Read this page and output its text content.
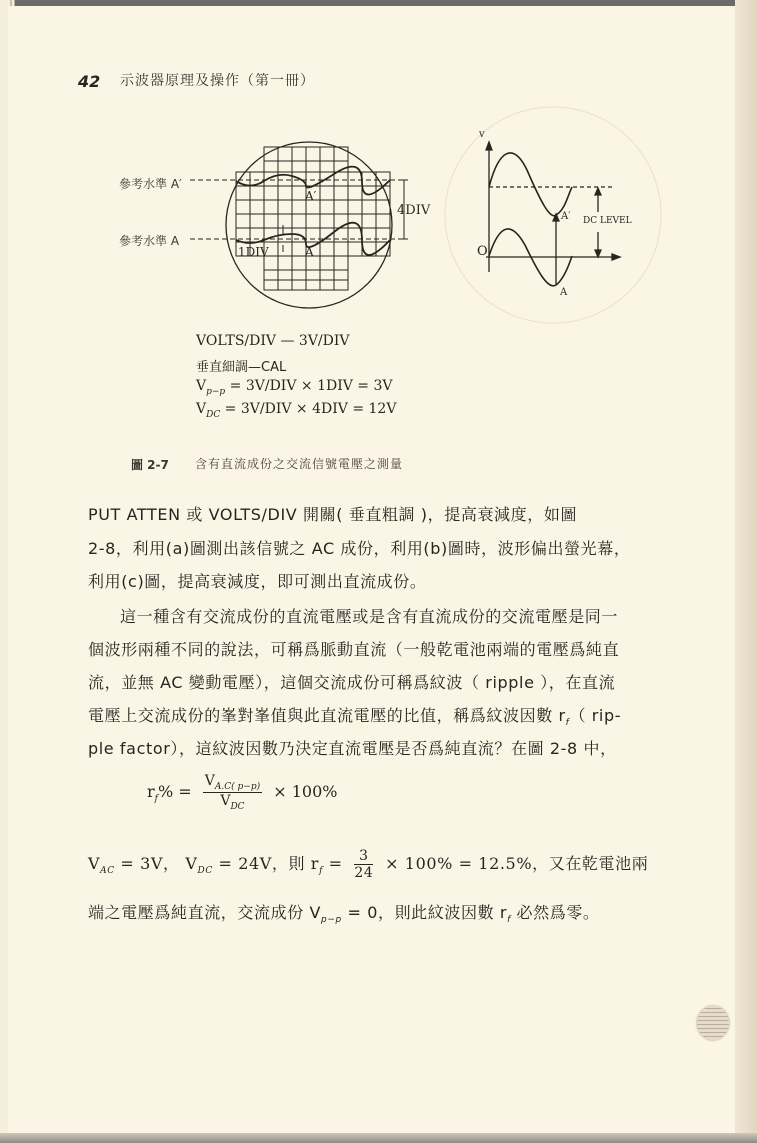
42 示波器原理及操作（第一冊）
參考水準 A′
參考水準 A
A′
A
4DIV
1DIV
v
O
A′
A
DC LEVEL
VOLTS/DIV — 3V/DIV
垂直細調—CAL
$V_{p-p} = 3V/DIV \times 1DIV = 3V$
$V_{DC} = 3V/DIV \times 4DIV = 12V$
圖 2-7 含有直流成份之交流信號電壓之測量
PUT ATTEN 或 VOLTS/DIV 開關( 垂直粗調 )，提高衰減度，如圖
2-8，利用(a)圖測出該信號之 AC 成份，利用(b)圖時，波形偏出螢光幕，
利用(c)圖，提高衰減度，即可測出直流成份。
這一種含有交流成份的直流電壓或是含有直流成份的交流電壓是同一
個波形兩種不同的說法，可稱爲脈動直流（一般乾電池兩端的電壓爲純直
流，並無 AC 變動電壓），這個交流成份可稱爲紋波（ ripple ），在直流
電壓上交流成份的峯對峯值與此直流電壓的比值，稱爲紋波因數 $r_f$（ rip-
ple factor），這紋波因數乃決定直流電壓是否爲純直流？在圖 2-8 中，
$r_f\% = \frac{V_{A.C( p-p)}}{V_{DC}} \times 100\%$
$V_{AC} = 3V$， $V_{DC} = 24V$，則 $r_f = \frac{3}{24} \times 100\% = 12.5\%$，又在乾電池兩
端之電壓爲純直流，交流成份 $V_{p-p} = 0$，則此紋波因數 $r_f$ 必然爲零。
